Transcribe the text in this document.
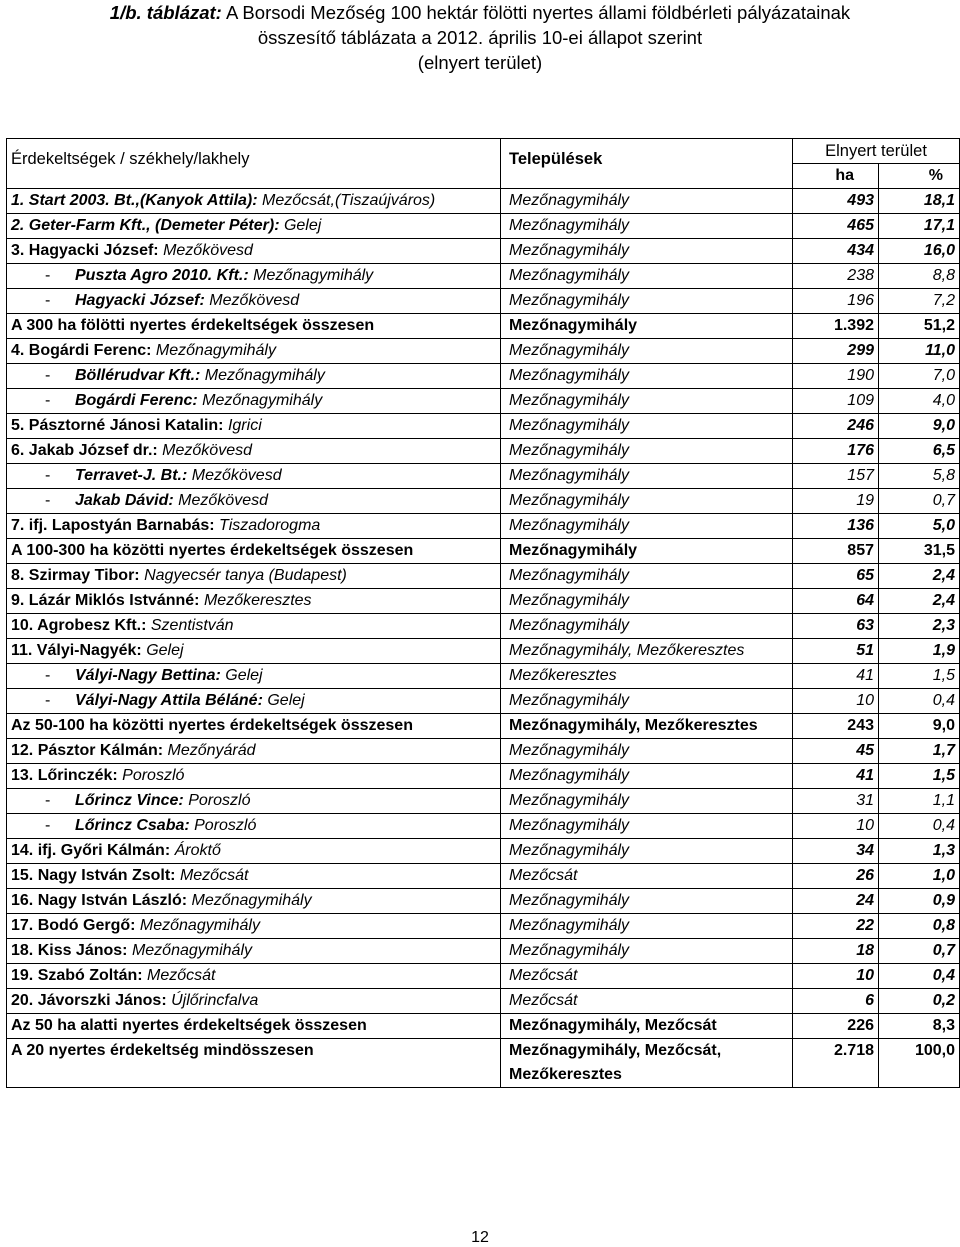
1/b. táblázat: A Borsodi Mezőség 100 hektár fölötti nyertes állami földbérleti pályázatainak
összesítő táblázata a 2012. április 10-ei állapot szerint
(elnyert terület)
Érdekeltségek / székhely/lakhely	Települések	Elnyert terület	
		ha	%
1. Start 2003. Bt.,(Kanyok Attila): Mezőcsát,(Tiszaújváros)	Mezőnagymihály	493	18,1
2. Geter-Farm Kft., (Demeter Péter): Gelej	Mezőnagymihály	465	17,1
3. Hagyacki József: Mezőkövesd	Mezőnagymihály	434	16,0

- Puszta Agro 2010. Kft.: Mezőnagymihály	Mezőnagymihály	238	8,8

- Hagyacki József: Mezőkövesd	Mezőnagymihály	196	7,2
A 300 ha fölötti nyertes érdekeltségek összesen	Mezőnagymihály	1.392	51,2
4. Bogárdi Ferenc: Mezőnagymihály	Mezőnagymihály	299	11,0

- Böllérudvar Kft.: Mezőnagymihály	Mezőnagymihály	190	7,0

- Bogárdi Ferenc: Mezőnagymihály	Mezőnagymihály	109	4,0
5. Pásztorné Jánosi Katalin: Igrici	Mezőnagymihály	246	9,0
6. Jakab József dr.: Mezőkövesd	Mezőnagymihály	176	6,5

- Terravet-J. Bt.: Mezőkövesd	Mezőnagymihály	157	5,8

- Jakab Dávid: Mezőkövesd	Mezőnagymihály	19	0,7
7. ifj. Lapostyán Barnabás: Tiszadorogma	Mezőnagymihály	136	5,0
A 100-300 ha közötti nyertes érdekeltségek összesen	Mezőnagymihály	857	31,5
8. Szirmay Tibor: Nagyecsér tanya (Budapest)	Mezőnagymihály	65	2,4
9. Lázár Miklós Istvánné: Mezőkeresztes	Mezőnagymihály	64	2,4
10. Agrobesz Kft.: Szentistván	Mezőnagymihály	63	2,3
11. Vályi-Nagyék: Gelej	Mezőnagymihály, Mezőkeresztes	51	1,9

- Vályi-Nagy Bettina: Gelej	Mezőkeresztes	41	1,5

- Vályi-Nagy Attila Béláné: Gelej	Mezőnagymihály	10	0,4
Az 50-100 ha közötti nyertes érdekeltségek összesen	Mezőnagymihály, Mezőkeresztes	243	9,0
12. Pásztor Kálmán: Mezőnyárád	Mezőnagymihály	45	1,7
13. Lőrinczék: Poroszló	Mezőnagymihály	41	1,5

- Lőrincz Vince: Poroszló	Mezőnagymihály	31	1,1

- Lőrincz Csaba: Poroszló	Mezőnagymihály	10	0,4
14. ifj. Győri Kálmán: Ároktő	Mezőnagymihály	34	1,3
15. Nagy István Zsolt: Mezőcsát	Mezőcsát	26	1,0
16. Nagy István László: Mezőnagymihály	Mezőnagymihály	24	0,9
17. Bodó Gergő: Mezőnagymihály	Mezőnagymihály	22	0,8
18. Kiss János: Mezőnagymihály	Mezőnagymihály	18	0,7
19. Szabó Zoltán: Mezőcsát	Mezőcsát	10	0,4
20. Jávorszki János: Újlőrincfalva	Mezőcsát	6	0,2
Az 50 ha alatti nyertes érdekeltségek összesen	Mezőnagymihály, Mezőcsát	226	8,3
A 20 nyertes érdekeltség mindösszesen	Mezőnagymihály, Mezőcsát, Mezőkeresztes	2.718	100,0
12
